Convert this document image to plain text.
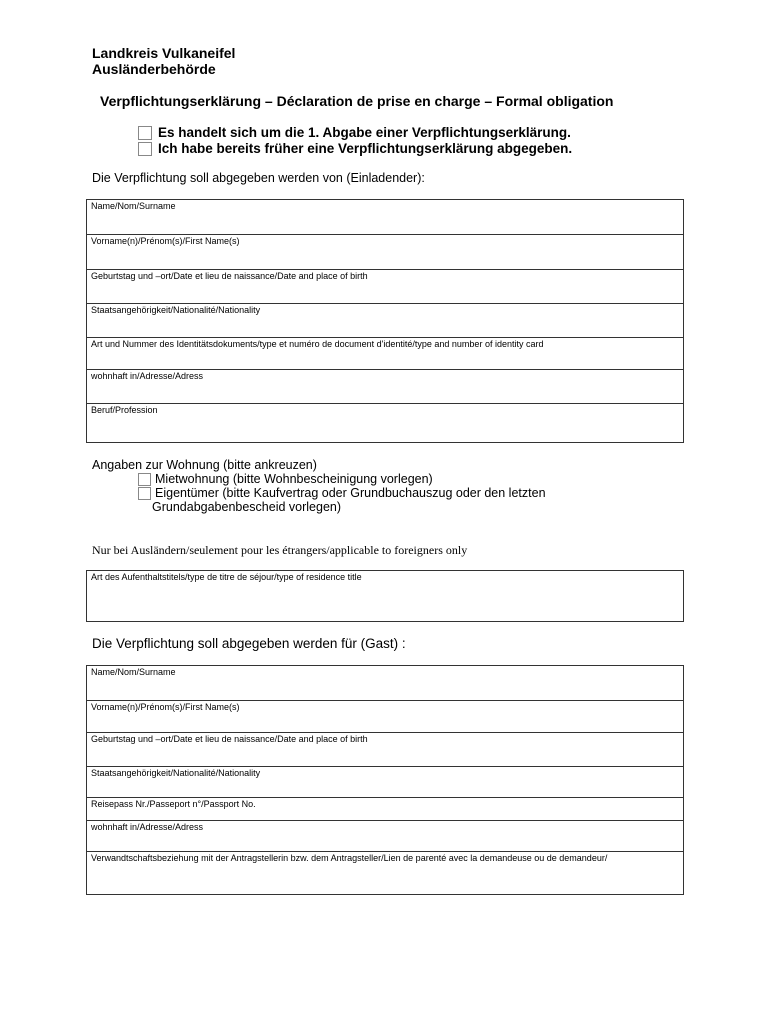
Landkreis Vulkaneifel
Ausländerbehörde
Verpflichtungserklärung – Déclaration de prise en charge – Formal obligation
Es handelt sich um die 1. Abgabe einer Verpflichtungserklärung.
Ich habe bereits früher eine Verpflichtungserklärung abgegeben.
Die Verpflichtung soll abgegeben werden von (Einladender):
Name/Nom/Surname
Vorname(n)/Prénom(s)/First Name(s)
Geburtstag und –ort/Date et lieu de naissance/Date and place of birth
Staatsangehörigkeit/Nationalité/Nationality
Art und Nummer des Identitätsdokuments/type et numéro de document d'identité/type and number of identity card
wohnhaft in/Adresse/Adress
Beruf/Profession
Angaben zur Wohnung (bitte ankreuzen)
Mietwohnung (bitte Wohnbescheinigung vorlegen)
Eigentümer (bitte Kaufvertrag oder Grundbuchauszug oder den letzten
Grundabgabenbescheid vorlegen)
Nur bei Ausländern/seulement pour les étrangers/applicable to foreigners only
Art des Aufenthaltstitels/type de titre de séjour/type of residence title
Die Verpflichtung soll abgegeben werden für (Gast) :
Name/Nom/Surname
Vorname(n)/Prénom(s)/First Name(s)
Geburtstag und –ort/Date et lieu de naissance/Date and place of birth
Staatsangehörigkeit/Nationalité/Nationality
Reisepass Nr./Passeport n°/Passport No.
wohnhaft in/Adresse/Adress
Verwandtschaftsbeziehung mit der Antragstellerin bzw. dem Antragsteller/Lien de parenté avec la demandeuse ou de demandeur/
